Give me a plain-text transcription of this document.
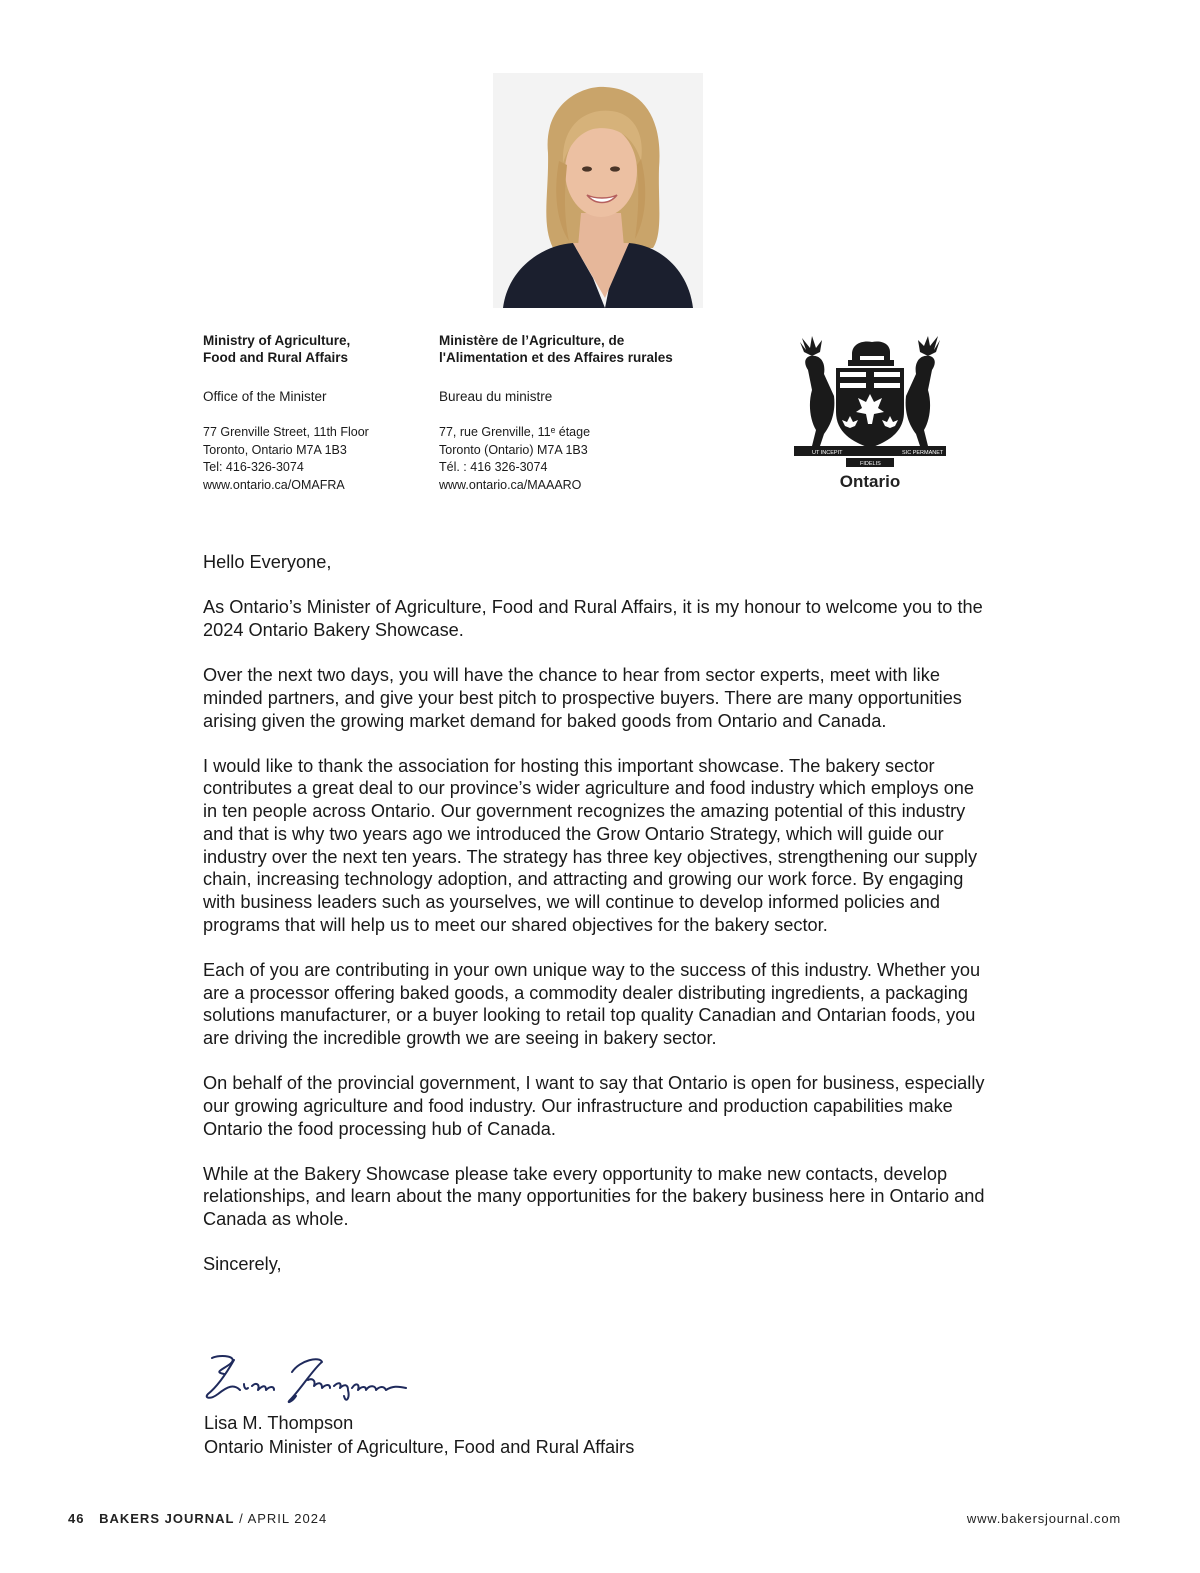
Ministry of Agriculture,
Food and Rural Affairs
Office of the Minister
77 Grenville Street, 11th Floor
Toronto, Ontario M7A 1B3
Tel: 416-326-3074
www.ontario.ca/OMAFRA
Ministère de l’Agriculture, de
l'Alimentation et des Affaires rurales
Bureau du ministre
77, rue Grenville, 11ᵉ étage
Toronto (Ontario) M7A 1B3
Tél. : 416 326-3074
www.ontario.ca/MAAARO
UT INCEPIT	SIC PERMANET
FIDELIS
Ontario

Hello Everyone,

As Ontario’s Minister of Agriculture, Food and Rural Affairs, it is my honour to welcome you to the 2024 Ontario Bakery Showcase.

Over the next two days, you will have the chance to hear from sector experts, meet with like minded partners, and give your best pitch to prospective buyers. There are many opportunities arising given the growing market demand for baked goods from Ontario and Canada.

I would like to thank the association for hosting this important showcase. The bakery sector contributes a great deal to our province’s wider agriculture and food industry which employs one in ten people across Ontario. Our government recognizes the amazing potential of this industry and that is why two years ago we introduced the Grow Ontario Strategy, which will guide our industry over the next ten years. The strategy has three key objectives, strengthening our supply chain, increasing technology adoption, and attracting and growing our work force. By engaging with business leaders such as yourselves, we will continue to develop informed policies and programs that will help us to meet our shared objectives for the bakery sector.

Each of you are contributing in your own unique way to the success of this industry. Whether you are a processor offering baked goods, a commodity dealer distributing ingredients, a packaging solutions manufacturer, or a buyer looking to retail top quality Canadian and Ontarian foods, you are driving the incredible growth we are seeing in bakery sector.

On behalf of the provincial government, I want to say that Ontario is open for business, especially our growing agriculture and food industry. Our infrastructure and production capabilities make Ontario the food processing hub of Canada.

While at the Bakery Showcase please take every opportunity to make new contacts, develop relationships, and learn about the many opportunities for the bakery business here in Ontario and Canada as whole.

Sincerely,

Lisa M. Thompson
Ontario Minister of Agriculture, Food and Rural Affairs
46 BAKERS JOURNAL / APRIL 2024	www.bakersjournal.com
